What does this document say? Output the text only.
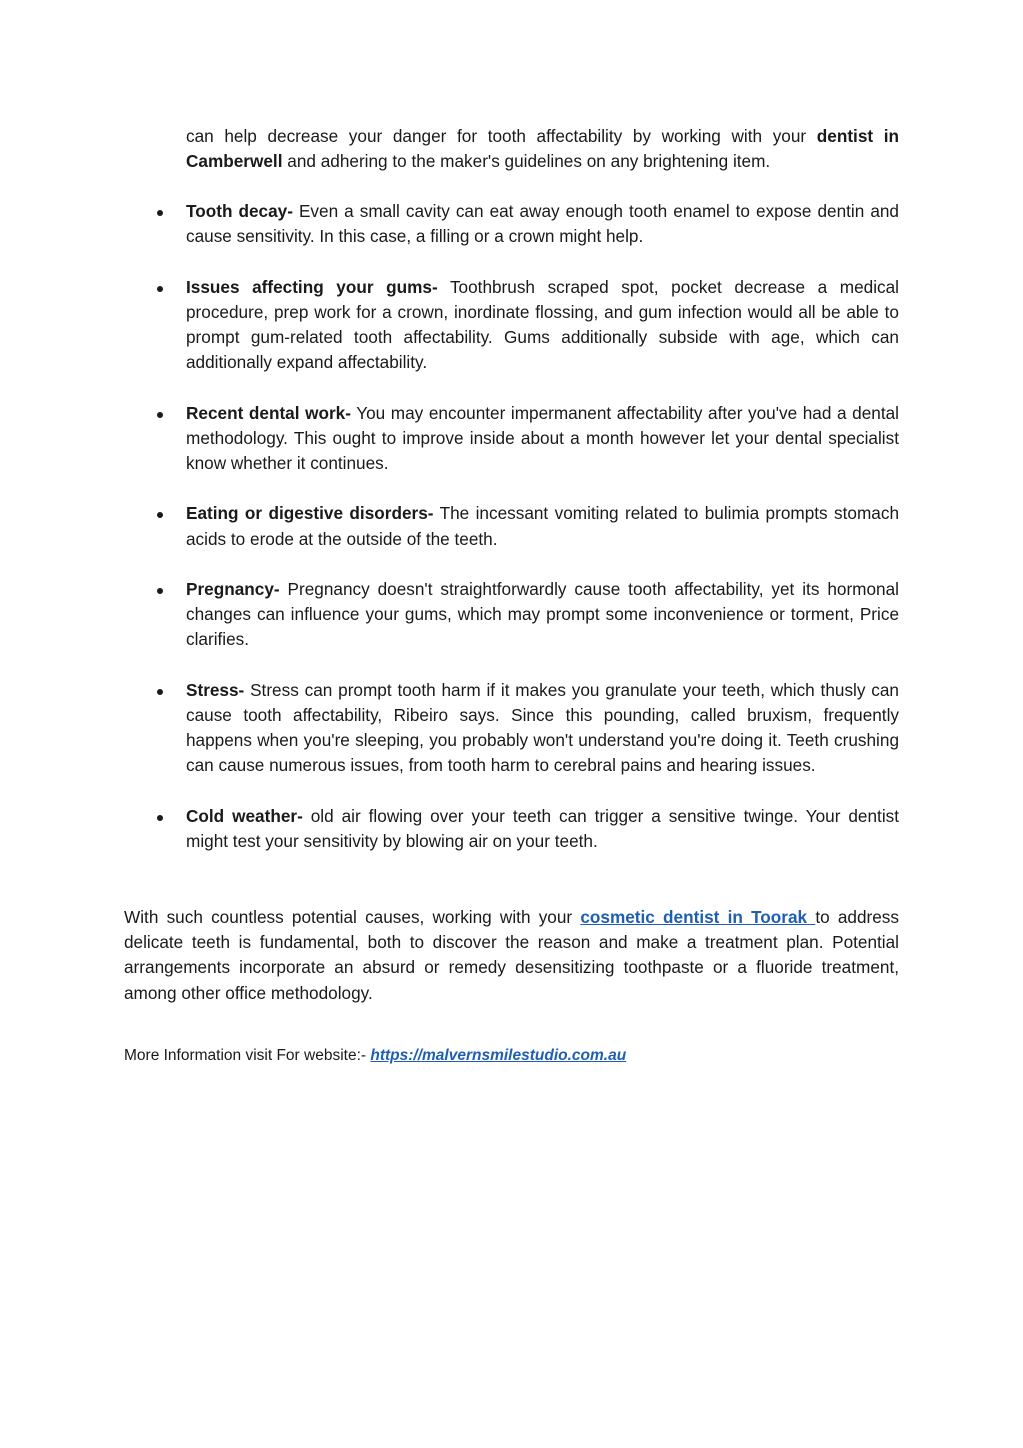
can help decrease your danger for tooth affectability by working with your dentist in Camberwell and adhering to the maker's guidelines on any brightening item.

Tooth decay- Even a small cavity can eat away enough tooth enamel to expose dentin and cause sensitivity. In this case, a filling or a crown might help.

Issues affecting your gums- Toothbrush scraped spot, pocket decrease a medical procedure, prep work for a crown, inordinate flossing, and gum infection would all be able to prompt gum-related tooth affectability. Gums additionally subside with age, which can additionally expand affectability.

Recent dental work- You may encounter impermanent affectability after you've had a dental methodology. This ought to improve inside about a month however let your dental specialist know whether it continues.

Eating or digestive disorders- The incessant vomiting related to bulimia prompts stomach acids to erode at the outside of the teeth.

Pregnancy- Pregnancy doesn't straightforwardly cause tooth affectability, yet its hormonal changes can influence your gums, which may prompt some inconvenience or torment, Price clarifies.

Stress- Stress can prompt tooth harm if it makes you granulate your teeth, which thusly can cause tooth affectability, Ribeiro says. Since this pounding, called bruxism, frequently happens when you're sleeping, you probably won't understand you're doing it. Teeth crushing can cause numerous issues, from tooth harm to cerebral pains and hearing issues.

Cold weather- old air flowing over your teeth can trigger a sensitive twinge. Your dentist might test your sensitivity by blowing air on your teeth.

With such countless potential causes, working with your cosmetic dentist in Toorak to address delicate teeth is fundamental, both to discover the reason and make a treatment plan. Potential arrangements incorporate an absurd or remedy desensitizing toothpaste or a fluoride treatment, among other office methodology.

More Information visit For website:- https://malvernsmilestudio.com.au
